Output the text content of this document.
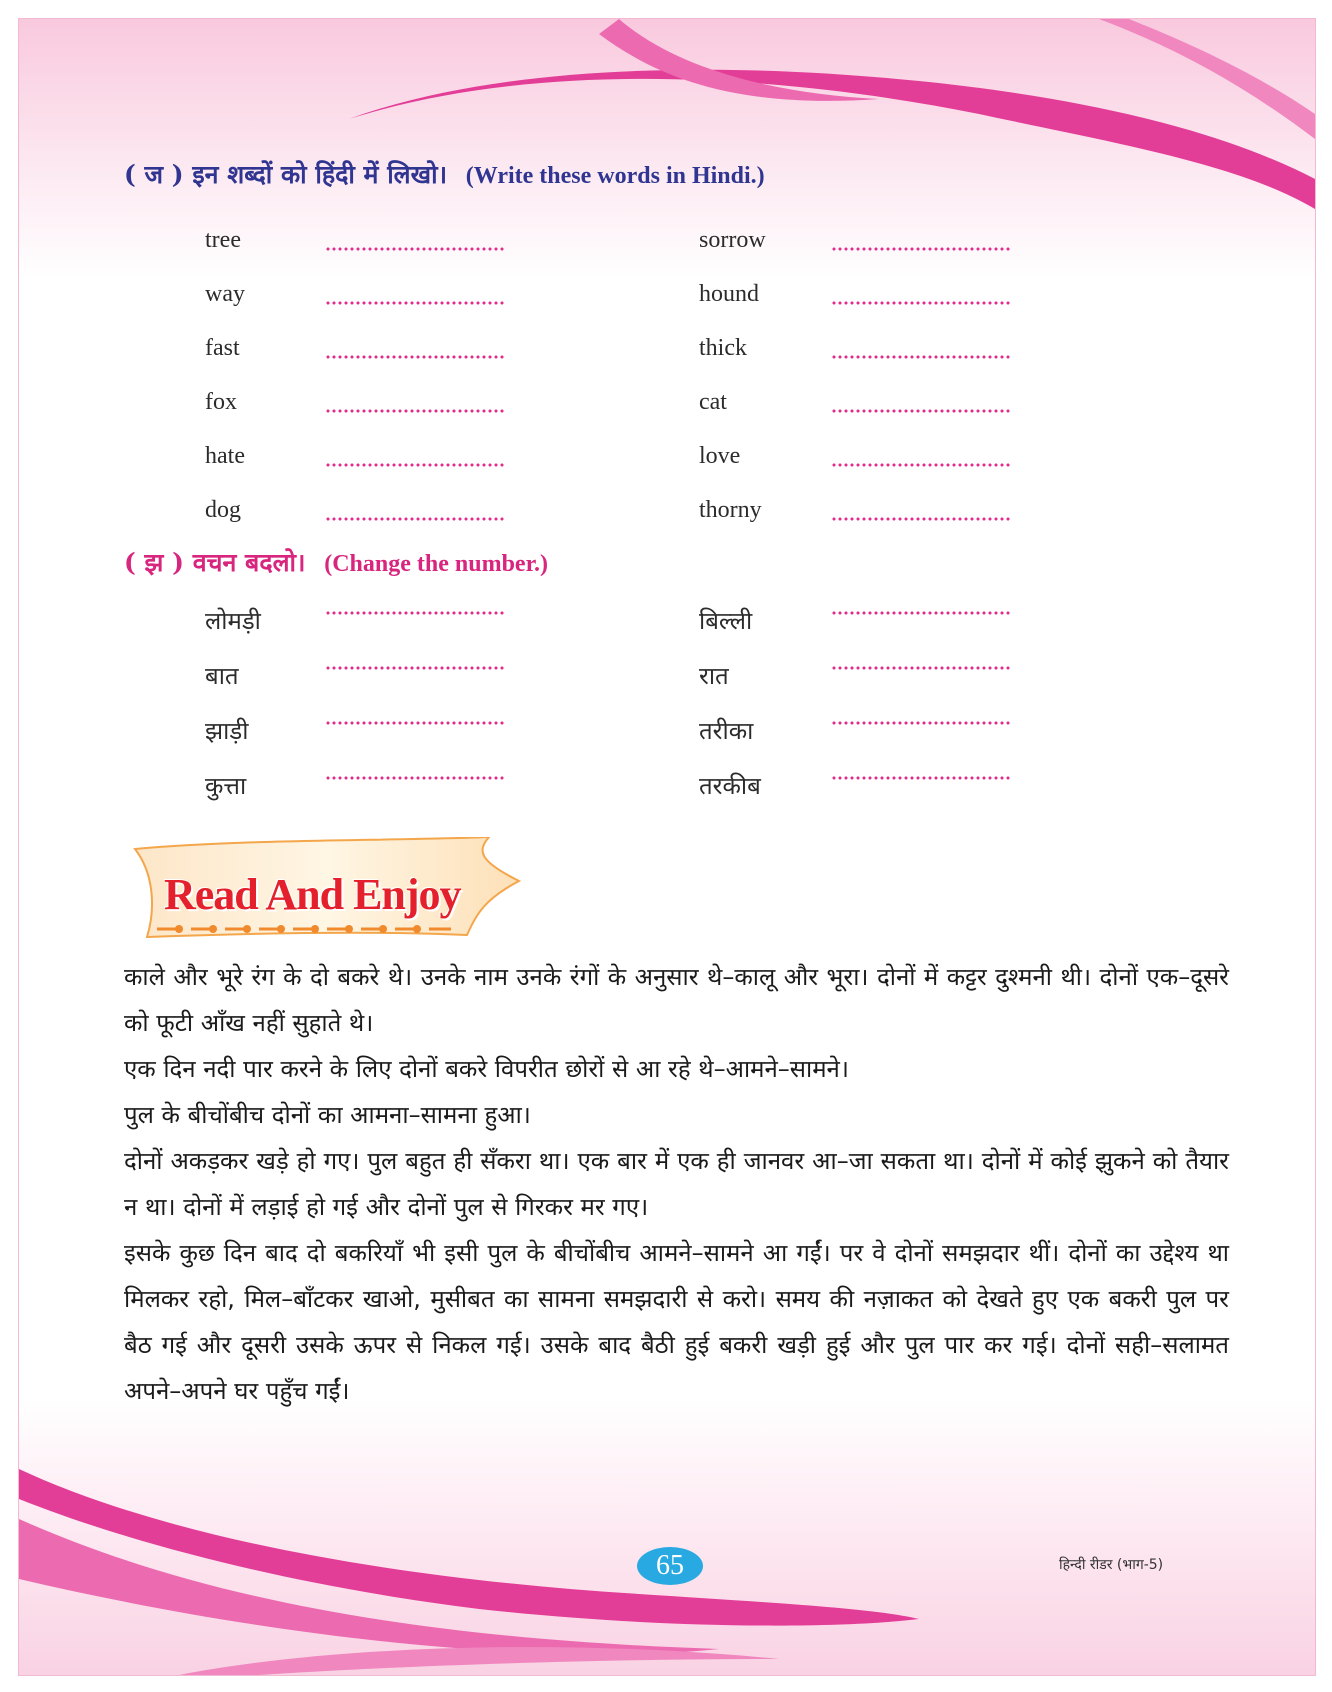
( ज ) इन शब्दों को हिंदी में लिखो। (Write these words in Hindi.)
tree
way
fast
fox
hate
dog
sorrow
hound
thick
cat
love
thorny
( झ ) वचन बदलो। (Change the number.)
लोमड़ी
बात
झाड़ी
कुत्ता
बिल्ली
रात
तरीका
तरकीब
Read And Enjoy

काले और भूरे रंग के दो बकरे थे। उनके नाम उनके रंगों के अनुसार थे–कालू और भूरा। दोनों में कट्टर दुश्मनी थी। दोनों एक–दूसरे को फूटी आँख नहीं सुहाते थे।

एक दिन नदी पार करने के लिए दोनों बकरे विपरीत छोरों से आ रहे थे–आमने–सामने।

पुल के बीचोंबीच दोनों का आमना–सामना हुआ।

दोनों अकड़कर खड़े हो गए। पुल बहुत ही सँकरा था। एक बार में एक ही जानवर आ–जा सकता था। दोनों में कोई झुकने को तैयार न था। दोनों में लड़ाई हो गई और दोनों पुल से गिरकर मर गए।

इसके कुछ दिन बाद दो बकरियाँ भी इसी पुल के बीचोंबीच आमने–सामने आ गईं। पर वे दोनों समझदार थीं। दोनों का उद्देश्य था मिलकर रहो, मिल–बाँटकर खाओ, मुसीबत का सामना समझदारी से करो। समय की नज़ाकत को देखते हुए एक बकरी पुल पर बैठ गई और दूसरी उसके ऊपर से निकल गई। उसके बाद बैठी हुई बकरी खड़ी हुई और पुल पार कर गई। दोनों सही–सलामत अपने–अपने घर पहुँच गईं।

65	हिन्दी रीडर (भाग-5)
